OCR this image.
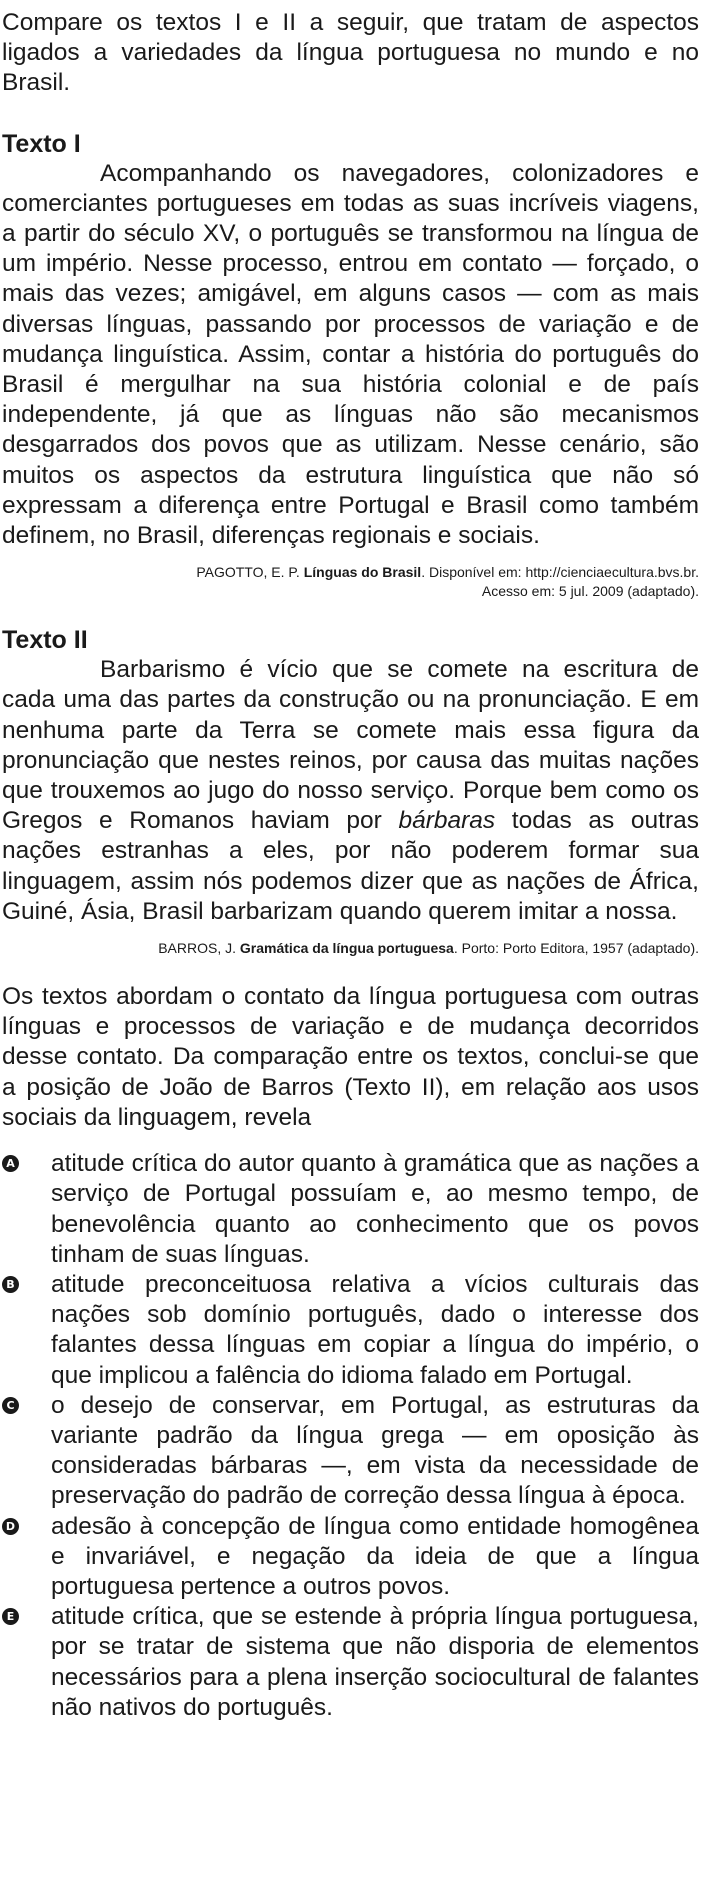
Compare os textos I e II a seguir, que tratam de aspectos ligados a variedades da língua portuguesa no mundo e no Brasil.

Texto I

Acompanhando os navegadores, colonizadores e comerciantes portugueses em todas as suas incríveis viagens, a partir do século XV, o português se transformou na língua de um império. Nesse processo, entrou em contato — forçado, o mais das vezes; amigável, em alguns casos — com as mais diversas línguas, passando por processos de variação e de mudança linguística. Assim, contar a história do português do Brasil é mergulhar na sua história colonial e de país independente, já que as línguas não são mecanismos desgarrados dos povos que as utilizam. Nesse cenário, são muitos os aspectos da estrutura linguística que não só expressam a diferença entre Portugal e Brasil como também definem, no Brasil, diferenças regionais e sociais.

PAGOTTO, E. P. Línguas do Brasil. Disponível em: http://cienciaecultura.bvs.br.
Acesso em: 5 jul. 2009 (adaptado).

Texto II

Barbarismo é vício que se comete na escritura de cada uma das partes da construção ou na pronunciação. E em nenhuma parte da Terra se comete mais essa figura da pronunciação que nestes reinos, por causa das muitas nações que trouxemos ao jugo do nosso serviço. Porque bem como os Gregos e Romanos haviam por bárbaras todas as outras nações estranhas a eles, por não poderem formar sua linguagem, assim nós podemos dizer que as nações de África, Guiné, Ásia, Brasil barbarizam quando querem imitar a nossa.

BARROS, J. Gramática da língua portuguesa. Porto: Porto Editora, 1957 (adaptado).

Os textos abordam o contato da língua portuguesa com outras línguas e processos de variação e de mudança decorridos desse contato. Da comparação entre os textos, conclui-se que a posição de João de Barros (Texto II), em relação aos usos sociais da linguagem, revela

A atitude crítica do autor quanto à gramática que as nações a serviço de Portugal possuíam e, ao mesmo tempo, de benevolência quanto ao conhecimento que os povos tinham de suas línguas.
B atitude preconceituosa relativa a vícios culturais das nações sob domínio português, dado o interesse dos falantes dessa línguas em copiar a língua do império, o que implicou a falência do idioma falado em Portugal.
C o desejo de conservar, em Portugal, as estruturas da variante padrão da língua grega — em oposição às consideradas bárbaras —, em vista da necessidade de preservação do padrão de correção dessa língua à época.
D adesão à concepção de língua como entidade homogênea e invariável, e negação da ideia de que a língua portuguesa pertence a outros povos.
E atitude crítica, que se estende à própria língua portuguesa, por se tratar de sistema que não disporia de elementos necessários para a plena inserção sociocultural de falantes não nativos do português.
